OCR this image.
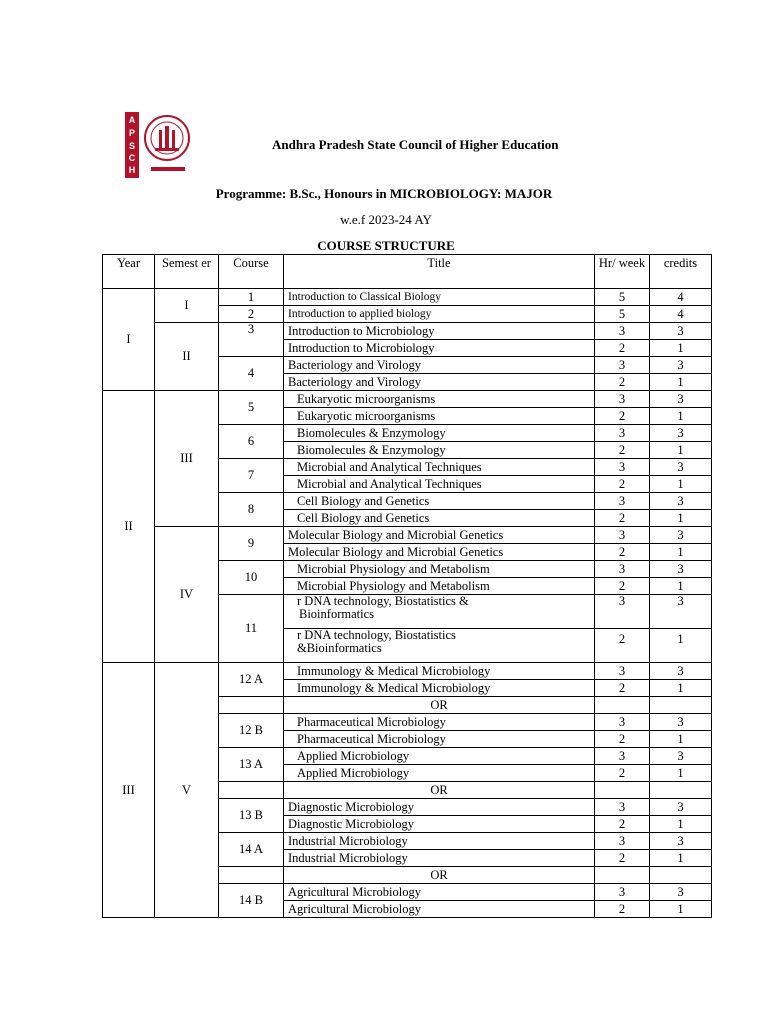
A
P
S
C
H
Andhra Pradesh State Council of Higher Education
Programme: B.Sc., Honours in MICROBIOLOGY: MAJOR
w.e.f 2023-24 AY
COURSE STRUCTURE
Year	Semest er	Course	Title	Hr/ week	credits
I	I	1	Introduction to Classical Biology	5	4
		2	Introduction to applied biology	5	4
	II	3	Introduction to Microbiology	3	3
			Introduction to Microbiology	2	1
		4	Bacteriology and Virology	3	3
			Bacteriology and Virology	2	1
II	III	5	Eukaryotic microorganisms	3	3
			Eukaryotic microorganisms	2	1
		6	Biomolecules & Enzymology	3	3
			Biomolecules & Enzymology	2	1
		7	Microbial and Analytical Techniques	3	3
			Microbial and Analytical Techniques	2	1
		8	Cell Biology and Genetics	3	3
			Cell Biology and Genetics	2	1
	IV	9	Molecular Biology and Microbial Genetics	3	3
			Molecular Biology and Microbial Genetics	2	1
		10	Microbial Physiology and Metabolism	3	3
			Microbial Physiology and Metabolism	2	1
		11	r DNA technology, Biostatistics &
Bioinformatics	3	3

			r DNA technology, Biostatistics
&Bioinformatics	2	1

III	V	12 A	Immunology & Medical Microbiology	3	3
			Immunology & Medical Microbiology	2	1
			OR		
		12 B	Pharmaceutical Microbiology	3	3
			Pharmaceutical Microbiology	2	1
		13 A	Applied Microbiology	3	3
			Applied Microbiology	2	1
			OR		
		13 B	Diagnostic Microbiology	3	3
			Diagnostic Microbiology	2	1
		14 A	Industrial Microbiology	3	3
			Industrial Microbiology	2	1
			OR		
		14 B	Agricultural Microbiology	3	3
			Agricultural Microbiology	2	1
